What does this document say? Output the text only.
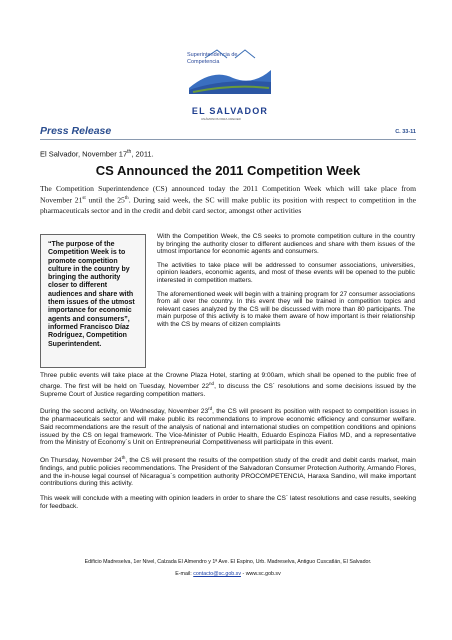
Superintendencia de
Competencia
EL SALVADOR
UNÁMONOS PARA CRECER
Press Release	C. 33-11
El Salvador, November 17th, 2011.
CS Announced the 2011 Competition Week
The Competition Superintendence (CS) announced today the 2011 Competition Week which will take place from November 21st until the 25th. During said week, the SC will make public its position with respect to competition in the pharmaceuticals sector and in the credit and debit card sector, amongst other activities
“The purpose of the Competition Week is to promote competition culture in the country by bringing the authority closer to different audiences and share with them issues of the utmost importance for economic agents and consumers”, informed Francisco Díaz Rodríguez, Competition Superintendent.

With the Competition Week, the CS seeks to promote competition culture in the country by bringing the authority closer to different audiences and share with them issues of the utmost importance for economic agents and consumers.

The activities to take place will be addressed to consumer associations, universities, opinion leaders, economic agents, and most of these events will be opened to the public interested in competition matters.

The aforementioned week will begin with a training program for 27 consumer associations from all over the country. In this event they will be trained in competition topics and relevant cases analyzed by the CS will be discussed with more than 80 participants. The main purpose of this activity is to make them aware of how important is their relationship with the CS by means of citizen complaints

Three public events will take place at the Crowne Plaza Hotel, starting at 9:00am, which shall be opened to the public free of charge. The first will be held on Tuesday, November 22nd, to discuss the CS´ resolutions and some decisions issued by the Supreme Court of Justice regarding competition matters.

During the second activity, on Wednesday, November 23rd, the CS will present its position with respect to competition issues in the pharmaceuticals sector and will make public its recommendations to improve economic efficiency and consumer welfare. Said recommendations are the result of the analysis of national and international studies on competition conditions and opinions issued by the CS on legal framework. The Vice-Minister of Public Health, Eduardo Espinoza Fiallos MD, and a representative from the Ministry of Economy´s Unit on Entrepreneurial Competitiveness will participate in this event.

On Thursday, November 24th, the CS will present the results of the competition study of the credit and debit cards market, main findings, and public policies recommendations. The President of the Salvadoran Consumer Protection Authority, Armando Flores, and the in-house legal counsel of Nicaragua´s competition authority PROCOMPETENCIA, Haraxa Sandino, will make important contributions during this activity.

This week will conclude with a meeting with opinion leaders in order to share the CS´ latest resolutions and case results, seeking for feedback.

Edificio Madreselva, 1er Nivel, Calzada El Almendro y 1ª Ave. El Espino, Urb. Madreselva, Antiguo Cuscatlán, El Salvador.
E-mail: contacto@sc.gob.sv - www.sc.gob.sv
